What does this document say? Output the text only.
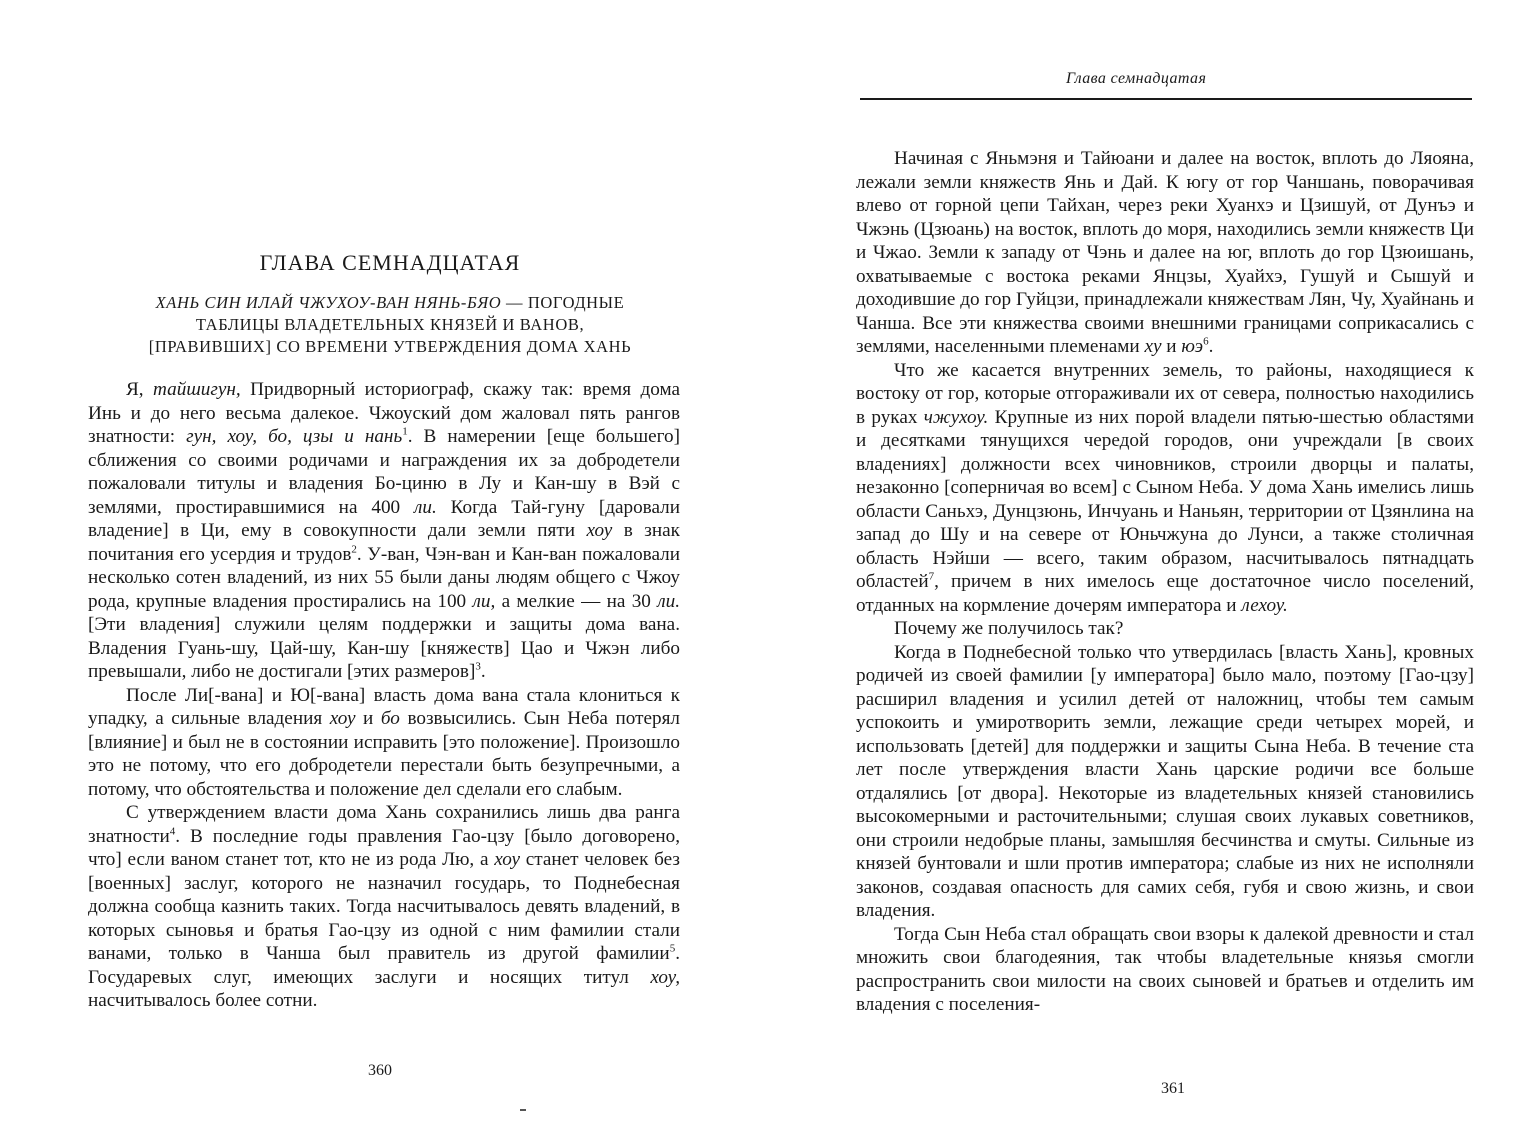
ГЛАВА СЕМНАДЦАТАЯ
ХАНЬ СИН ИЛАЙ ЧЖУХОУ-ВАН НЯНЬ-БЯО — ПОГОДНЫЕ
ТАБЛИЦЫ ВЛАДЕТЕЛЬНЫХ КНЯЗЕЙ И ВАНОВ,
[ПРАВИВШИХ] СО ВРЕМЕНИ УТВЕРЖДЕНИЯ ДОМА ХАНЬ

Я, тайшигун, Придворный историограф, скажу так: время дома Инь и до него весьма далекое. Чжоуский дом жаловал пять рангов знатности: гун, хоу, бо, цзы и нань$^1$. В намерении [еще большего] сближения со своими родичами и награждения их за добродетели пожаловали титулы и владения Бо-циню в Лу и Кан-шу в Вэй с землями, простиравшимися на 400 ли. Когда Тай-гуну [даровали владение] в Ци, ему в совокупности дали земли пяти хоу в знак почитания его усердия и трудов$^2$. У-ван, Чэн-ван и Кан-ван пожаловали несколько сотен владений, из них 55 были даны людям общего с Чжоу рода, крупные владения простирались на 100 ли, а мелкие — на 30 ли. [Эти владения] служили целям поддержки и защиты дома вана. Владения Гуань-шу, Цай-шу, Кан-шу [княжеств] Цао и Чжэн либо превышали, либо не достигали [этих размеров]$^3$.

После Ли[-вана] и Ю[-вана] власть дома вана стала клониться к упадку, а сильные владения хоу и бо возвысились. Сын Неба потерял [влияние] и был не в состоянии исправить [это положение]. Произошло это не потому, что его добродетели перестали быть безупречными, а потому, что обстоятельства и положение дел сделали его слабым.

С утверждением власти дома Хань сохранились лишь два ранга знатности$^4$. В последние годы правления Гао-цзу [было договорено, что] если ваном станет тот, кто не из рода Лю, а хоу станет человек без [военных] заслуг, которого не назначил государь, то Поднебесная должна сообща казнить таких. Тогда насчитывалось девять владений, в которых сыновья и братья Гао-цзу из одной с ним фамилии стали ванами, только в Чанша был правитель из другой фамилии$^5$. Государевых слуг, имеющих заслуги и носящих титул хоу, насчитывалось более сотни.

360
Глава семнадцатая

Начиная с Яньмэня и Тайюани и далее на восток, вплоть до Ляояна, лежали земли княжеств Янь и Дай. К югу от гор Чаншань, поворачивая влево от горной цепи Тайхан, через реки Хуанхэ и Цзишуй, от Дунъэ и Чжэнь (Цзюань) на восток, вплоть до моря, находились земли княжеств Ци и Чжао. Земли к западу от Чэнь и далее на юг, вплоть до гор Цзюишань, охватываемые с востока реками Янцзы, Хуайхэ, Гушуй и Сышуй и доходившие до гор Гуйцзи, принадлежали княжествам Лян, Чу, Хуайнань и Чанша. Все эти княжества своими внешними границами соприкасались с землями, населенными племенами ху и $юэ^6$.

Что же касается внутренних земель, то районы, находящиеся к востоку от гор, которые отгораживали их от севера, полностью находились в руках чжухоу. Крупные из них порой владели пятью-шестью областями и десятками тянущихся чередой городов, они учреждали [в своих владениях] должности всех чиновников, строили дворцы и палаты, незаконно [соперничая во всем] с Сыном Неба. У дома Хань имелись лишь области Саньхэ, Дунцзюнь, Инчуань и Наньян, территории от Цзянлина на запад до Шу и на севере от Юньчжуна до Лунси, а также столичная область Нэйши — всего, таким образом, насчитывалось пятнадцать областей$^7$, причем в них имелось еще достаточное число поселений, отданных на кормление дочерям императора и лехоу.

Почему же получилось так?

Когда в Поднебесной только что утвердилась [власть Хань], кровных родичей из своей фамилии [у императора] было мало, поэтому [Гао-цзу] расширил владения и усилил детей от наложниц, чтобы тем самым успокоить и умиротворить земли, лежащие среди четырех морей, и использовать [детей] для поддержки и защиты Сына Неба. В течение ста лет после утверждения власти Хань царские родичи все больше отдалялись [от двора]. Некоторые из владетельных князей становились высокомерными и расточительными; слушая своих лукавых советников, они строили недобрые планы, замышляя бесчинства и смуты. Сильные из князей бунтовали и шли против императора; слабые из них не исполняли законов, создавая опасность для самих себя, губя и свою жизнь, и свои владения.

Тогда Сын Неба стал обращать свои взоры к далекой древности и стал множить свои благодеяния, так чтобы владетельные князья смогли распространить свои милости на своих сыновей и братьев и отделить им владения с поселения-

361
